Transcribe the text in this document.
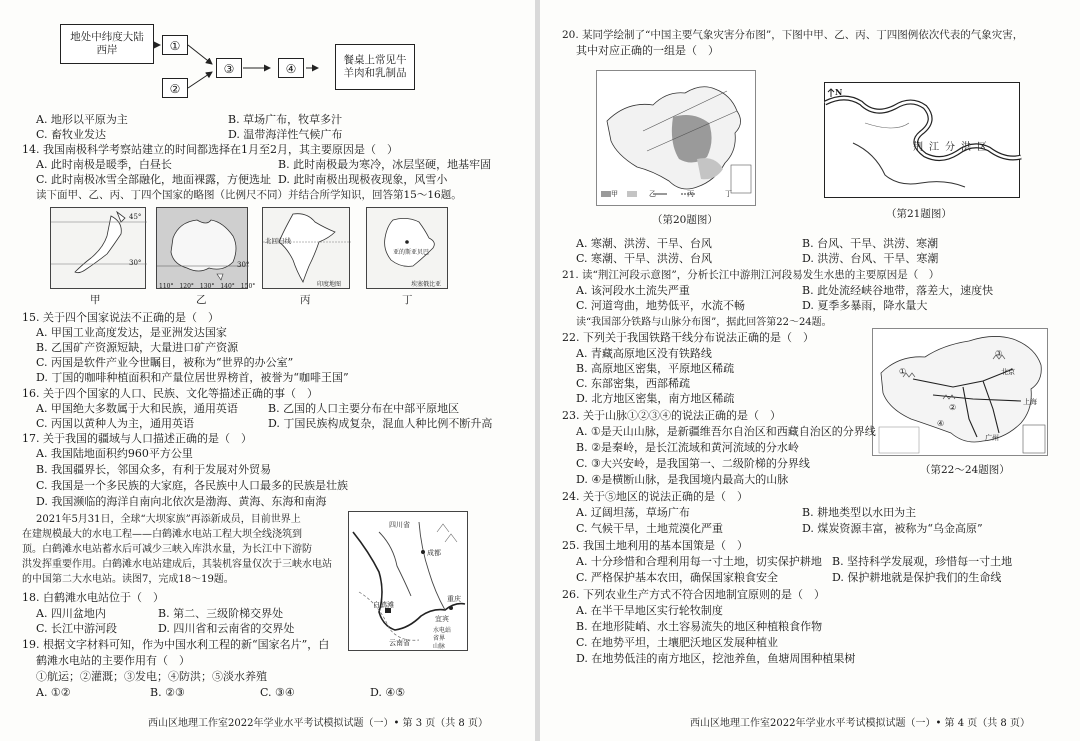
地处中纬度大陆西岸	①
②
③	④
餐桌上常见牛羊肉和乳制品
A. 地形以平原为主	B. 草场广布，牧草多汁
C. 畜牧业发达	D. 温带海洋性气候广布
14. 我国南极科学考察站建立的时间都选择在1月至2月，其主要原因是（　）
A. 此时南极是暖季，白昼长	B. 此时南极最为寒冷，冰层坚硬，地基牢固
C. 此时南极冰雪全部融化，地面裸露，方便选址 D. 此时南极出现极夜现象，风雪小
读下面甲、乙、丙、丁四个国家的略图（比例尺不同）并结合所学知识，回答第15～16题。
45°
30°	30°
110°　120°　130°　140°　150°
北回归线
印度地图
亚的斯亚贝巴
埃塞俄比亚
甲	乙	丙	丁
15. 关于四个国家说法不正确的是（　）
A. 甲国工业高度发达，是亚洲发达国家
B. 乙国矿产资源短缺，大量进口矿产资源
C. 丙国是软件产业今世瞩目，被称为“世界的办公室”
D. 丁国的咖啡种植面积和产量位居世界榜首，被誉为“咖啡王国”
16. 关于四个国家的人口、民族、文化等描述正确的事（　）
A. 甲国绝大多数属于大和民族，通用英语	B. 乙国的人口主要分布在中部平原地区
C. 丙国以黄种人为主，通用英语	D. 丁国民族构成复杂，混血人种比例不断升高
17. 关于我国的疆域与人口描述正确的是（　）
A. 我国陆地面积约960平方公里
B. 我国疆界长，邻国众多，有利于发展对外贸易
C. 我国是一个多民族的大家庭，各民族中人口最多的民族是壮族
D. 我国濒临的海洋自南向北依次是渤海、黄海、东海和南海
2021年5月31日，全球“大坝家族”再添新成员，目前世界上
在建规模最大的水电工程——白鹤滩水电站工程大坝全线浇筑到
顶。白鹤滩水电站蓄水后可减少三峡入库洪水量，为长江中下游防
洪发挥重要作用。白鹤滩水电站建成后，其装机容量仅次于三峡水电站
的中国第二大水电站。读图7，完成18～19题。
四川省
成都
白鹤滩
宜宾
云南省
重庆
水电站
省界
山脉
18. 白鹤滩水电站位于（　）
A. 四川盆地内	B. 第二、三级阶梯交界处
C. 长江中游河段	D. 四川省和云南省的交界处
19. 根据文字材料可知，作为中国水利工程的新“国家名片”，白
鹤滩水电站的主要作用有（　）
①航运；②灌溉；③发电；④防洪；⑤淡水养殖
A. ①②	B. ②③	C. ③④	D. ④⑤
西山区地理工作室2022年学业水平考试模拟试题（一）• 第 3 页（共 8 页）
20. 某同学绘制了“中国主要气象灾害分布图”，下图中甲、乙、丙、丁四图例依次代表的气象灾害，
其中对应正确的一组是（　）
甲　乙　丙　丁
（第20题图）
N
荆 江 分 洪 区
（第21题图）
A. 寒潮、洪涝、干旱、台风	B. 台风、干旱、洪涝、寒潮
C. 寒潮、干旱、洪涝、台风	D. 洪涝、台风、干旱、寒潮
21. 读“荆江河段示意图”，分析长江中游荆江河段易发生水患的主要原因是（　）
A. 该河段水土流失严重	B. 此处流经峡谷地带，落差大，速度快
C. 河道弯曲，地势低平，水流不畅	D. 夏季多暴雨，降水量大
读“我国部分铁路与山脉分布图”，据此回答第22～24题。
北京
上海
广州
①
②
③
④
（第22～24题图）
22. 下列关于我国铁路干线分布说法正确的是（　）
A. 青藏高原地区没有铁路线
B. 高原地区密集，平原地区稀疏
C. 东部密集，西部稀疏
D. 北方地区密集，南方地区稀疏
23. 关于山脉①②③④的说法正确的是（　）
A. ①是天山山脉，是新疆维吾尔自治区和西藏自治区的分界线
B. ②是秦岭，是长江流域和黄河流域的分水岭
C. ③大兴安岭，是我国第一、二级阶梯的分界线
D. ④是横断山脉，是我国境内最高大的山脉
24. 关于⑤地区的说法正确的是（　）
A. 辽阔坦荡，草场广布	B. 耕地类型以水田为主
C. 气候干旱，土地荒漠化严重	D. 煤炭资源丰富，被称为“乌金高原”
25. 我国土地利用的基本国策是（　）
A. 十分珍惜和合理利用每一寸土地，切实保护耕地 B. 坚持科学发展观，珍惜每一寸土地
C. 严格保护基本农田，确保国家粮食安全	D. 保护耕地就是保护我们的生命线
26. 下列农业生产方式不符合因地制宜原则的是（　）
A. 在半干旱地区实行轮牧制度
B. 在地形陡峭、水土容易流失的地区种植粮食作物
C. 在地势平坦，土壤肥沃地区发展种植业
D. 在地势低洼的南方地区，挖池养鱼，鱼塘周围种植果树
西山区地理工作室2022年学业水平考试模拟试题（一）• 第 4 页（共 8 页）
